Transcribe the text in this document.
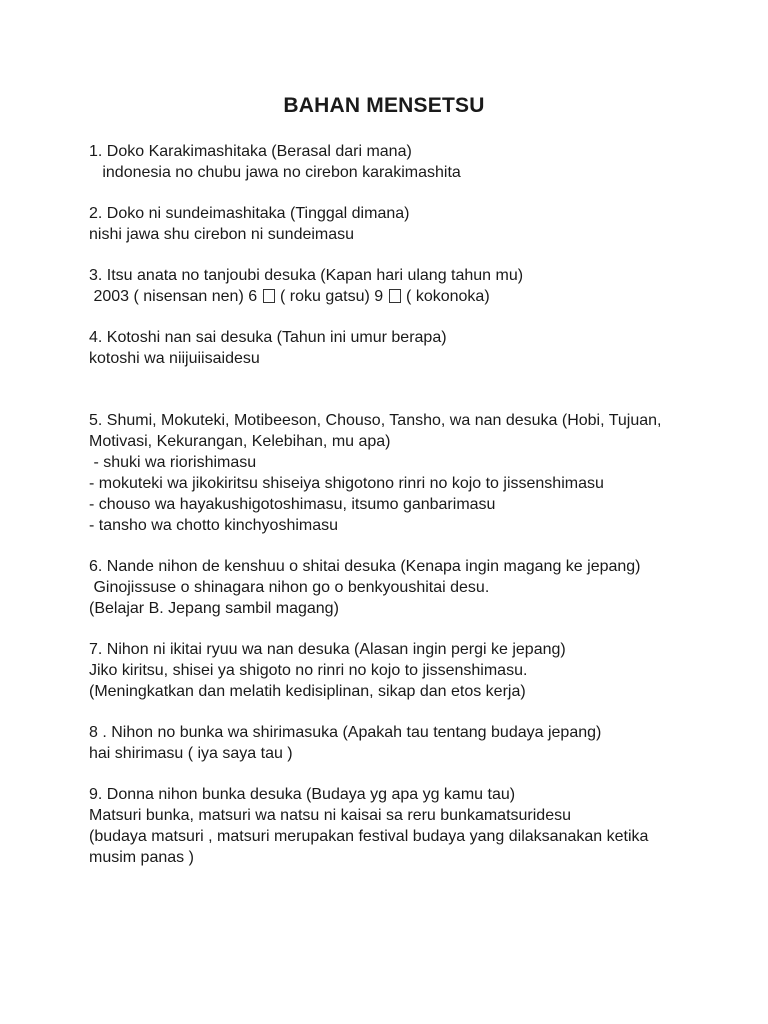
BAHAN MENSETSU
1. Doko Karakimashitaka (Berasal dari mana)
indonesia no chubu jawa no cirebon karakimashita
2. Doko ni sundeimashitaka (Tinggal dimana)
nishi jawa shu cirebon ni sundeimasu
3. Itsu anata no tanjoubi desuka (Kapan hari ulang tahun mu)
2003 ( nisensan nen) 6  ( roku gatsu) 9  ( kokonoka)
4. Kotoshi nan sai desuka (Tahun ini umur berapa)
kotoshi wa niijuiisaidesu
5. Shumi, Mokuteki, Motibeeson, Chouso, Tansho, wa nan desuka (Hobi, Tujuan, Motivasi, Kekurangan, Kelebihan, mu apa)
- shuki wa riorishimasu
- mokuteki wa jikokiritsu shiseiya shigotono rinri no kojo to jissenshimasu
- chouso wa hayakushigotoshimasu, itsumo ganbarimasu
- tansho wa chotto kinchyoshimasu
6. Nande nihon de kenshuu o shitai desuka (Kenapa ingin magang ke jepang)
Ginojissuse o shinagara nihon go o benkyoushitai desu.
(Belajar B. Jepang sambil magang)
7. Nihon ni ikitai ryuu wa nan desuka (Alasan ingin pergi ke jepang)
Jiko kiritsu, shisei ya shigoto no rinri no kojo to jissenshimasu.
(Meningkatkan dan melatih kedisiplinan, sikap dan etos kerja)
8 . Nihon no bunka wa shirimasuka (Apakah tau tentang budaya jepang)
hai shirimasu ( iya saya tau )
9. Donna nihon bunka desuka (Budaya yg apa yg kamu tau)
Matsuri bunka, matsuri wa natsu ni kaisai sa reru bunkamatsuridesu
(budaya matsuri , matsuri merupakan festival budaya yang dilaksanakan ketika musim panas )
